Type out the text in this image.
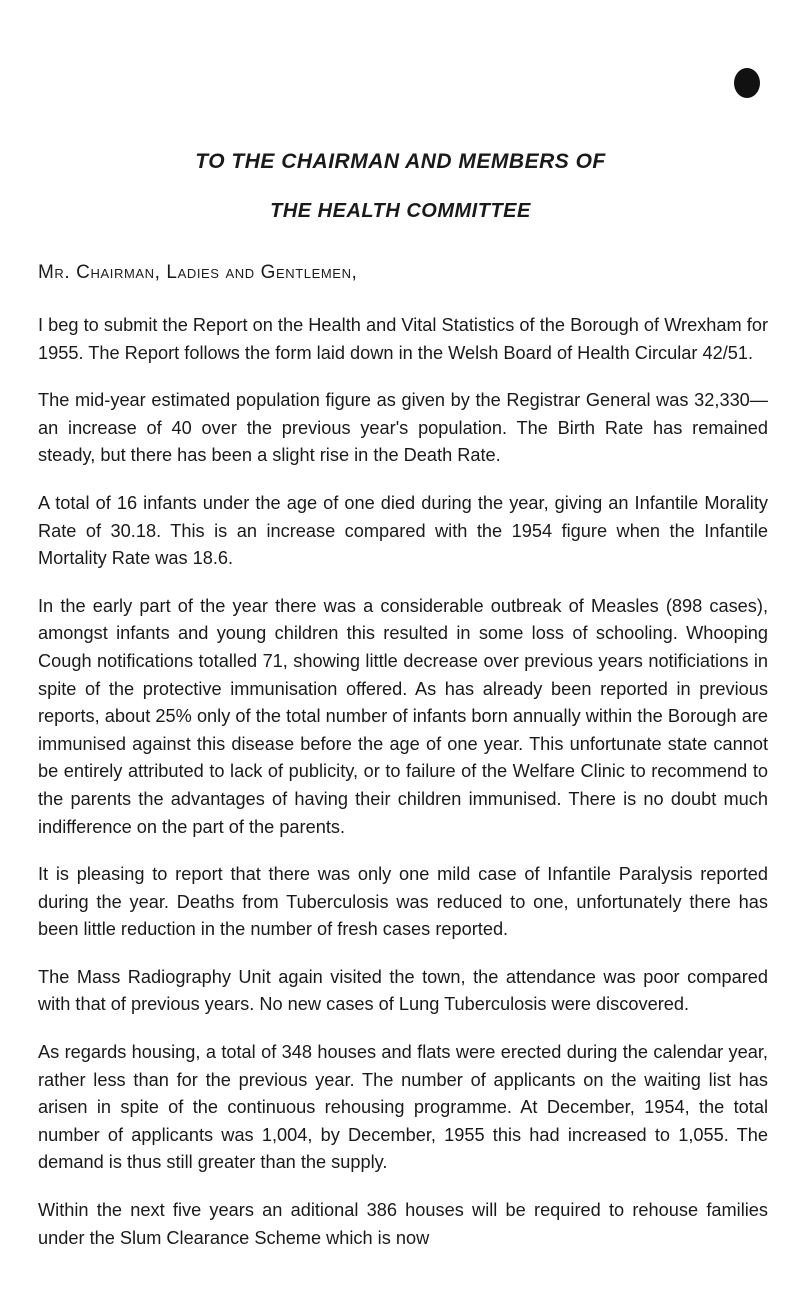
TO THE CHAIRMAN AND MEMBERS OF
THE HEALTH COMMITTEE

Mr. Chairman, Ladies and Gentlemen,

I beg to submit the Report on the Health and Vital Statistics of the Borough of Wrexham for 1955. The Report follows the form laid down in the Welsh Board of Health Circular 42/51.

The mid-year estimated population figure as given by the Registrar General was 32,330—an increase of 40 over the previous year's population. The Birth Rate has remained steady, but there has been a slight rise in the Death Rate.

A total of 16 infants under the age of one died during the year, giving an Infantile Morality Rate of 30.18. This is an increase compared with the 1954 figure when the Infantile Mortality Rate was 18.6.

In the early part of the year there was a considerable outbreak of Measles (898 cases), amongst infants and young children this resulted in some loss of schooling. Whooping Cough notifications totalled 71, showing little decrease over previous years notificiations in spite of the protective immunisation offered. As has already been reported in previous reports, about 25% only of the total number of infants born annually within the Borough are immunised against this disease before the age of one year. This unfortunate state cannot be entirely attributed to lack of publicity, or to failure of the Welfare Clinic to recommend to the parents the advantages of having their children immunised. There is no doubt much indifference on the part of the parents.

It is pleasing to report that there was only one mild case of Infantile Paralysis reported during the year. Deaths from Tuberculosis was reduced to one, unfortunately there has been little reduction in the number of fresh cases reported.

The Mass Radiography Unit again visited the town, the attendance was poor compared with that of previous years. No new cases of Lung Tuberculosis were discovered.

As regards housing, a total of 348 houses and flats were erected during the calendar year, rather less than for the previous year. The number of applicants on the waiting list has arisen in spite of the continuous rehousing programme. At December, 1954, the total number of applicants was 1,004, by December, 1955 this had increased to 1,055. The demand is thus still greater than the supply.

Within the next five years an aditional 386 houses will be required to rehouse families under the Slum Clearance Scheme which is now
